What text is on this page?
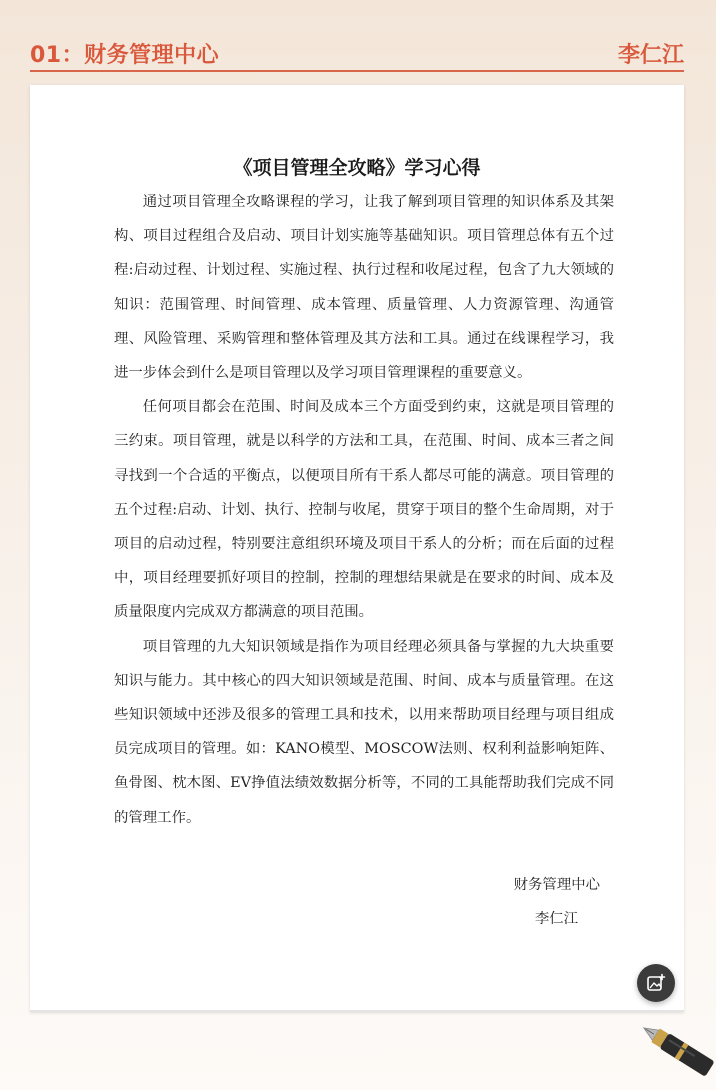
01：财务管理中心	李仁江
《项目管理全攻略》学习心得

通过项目管理全攻略课程的学习，让我了解到项目管理的知识体系及其架构、项目过程组合及启动、项目计划实施等基础知识。项目管理总体有五个过程:启动过程、计划过程、实施过程、执行过程和收尾过程，包含了九大领域的知识：范围管理、时间管理、成本管理、质量管理、人力资源管理、沟通管理、风险管理、采购管理和整体管理及其方法和工具。通过在线课程学习，我进一步体会到什么是项目管理以及学习项目管理课程的重要意义。

任何项目都会在范围、时间及成本三个方面受到约束，这就是项目管理的三约束。项目管理，就是以科学的方法和工具，在范围、时间、成本三者之间寻找到一个合适的平衡点，以便项目所有干系人都尽可能的满意。项目管理的五个过程:启动、计划、执行、控制与收尾，贯穿于项目的整个生命周期，对于项目的启动过程，特别要注意组织环境及项目干系人的分析；而在后面的过程中，项目经理要抓好项目的控制，控制的理想结果就是在要求的时间、成本及质量限度内完成双方都满意的项目范围。

项目管理的九大知识领域是指作为项目经理必须具备与掌握的九大块重要知识与能力。其中核心的四大知识领域是范围、时间、成本与质量管理。在这些知识领域中还涉及很多的管理工具和技术，以用来帮助项目经理与项目组成员完成项目的管理。如：KANO模型、MOSCOW法则、权利利益影响矩阵、鱼骨图、枕木图、EV挣值法绩效数据分析等，不同的工具能帮助我们完成不同的管理工作。

财务管理中心
李仁江
